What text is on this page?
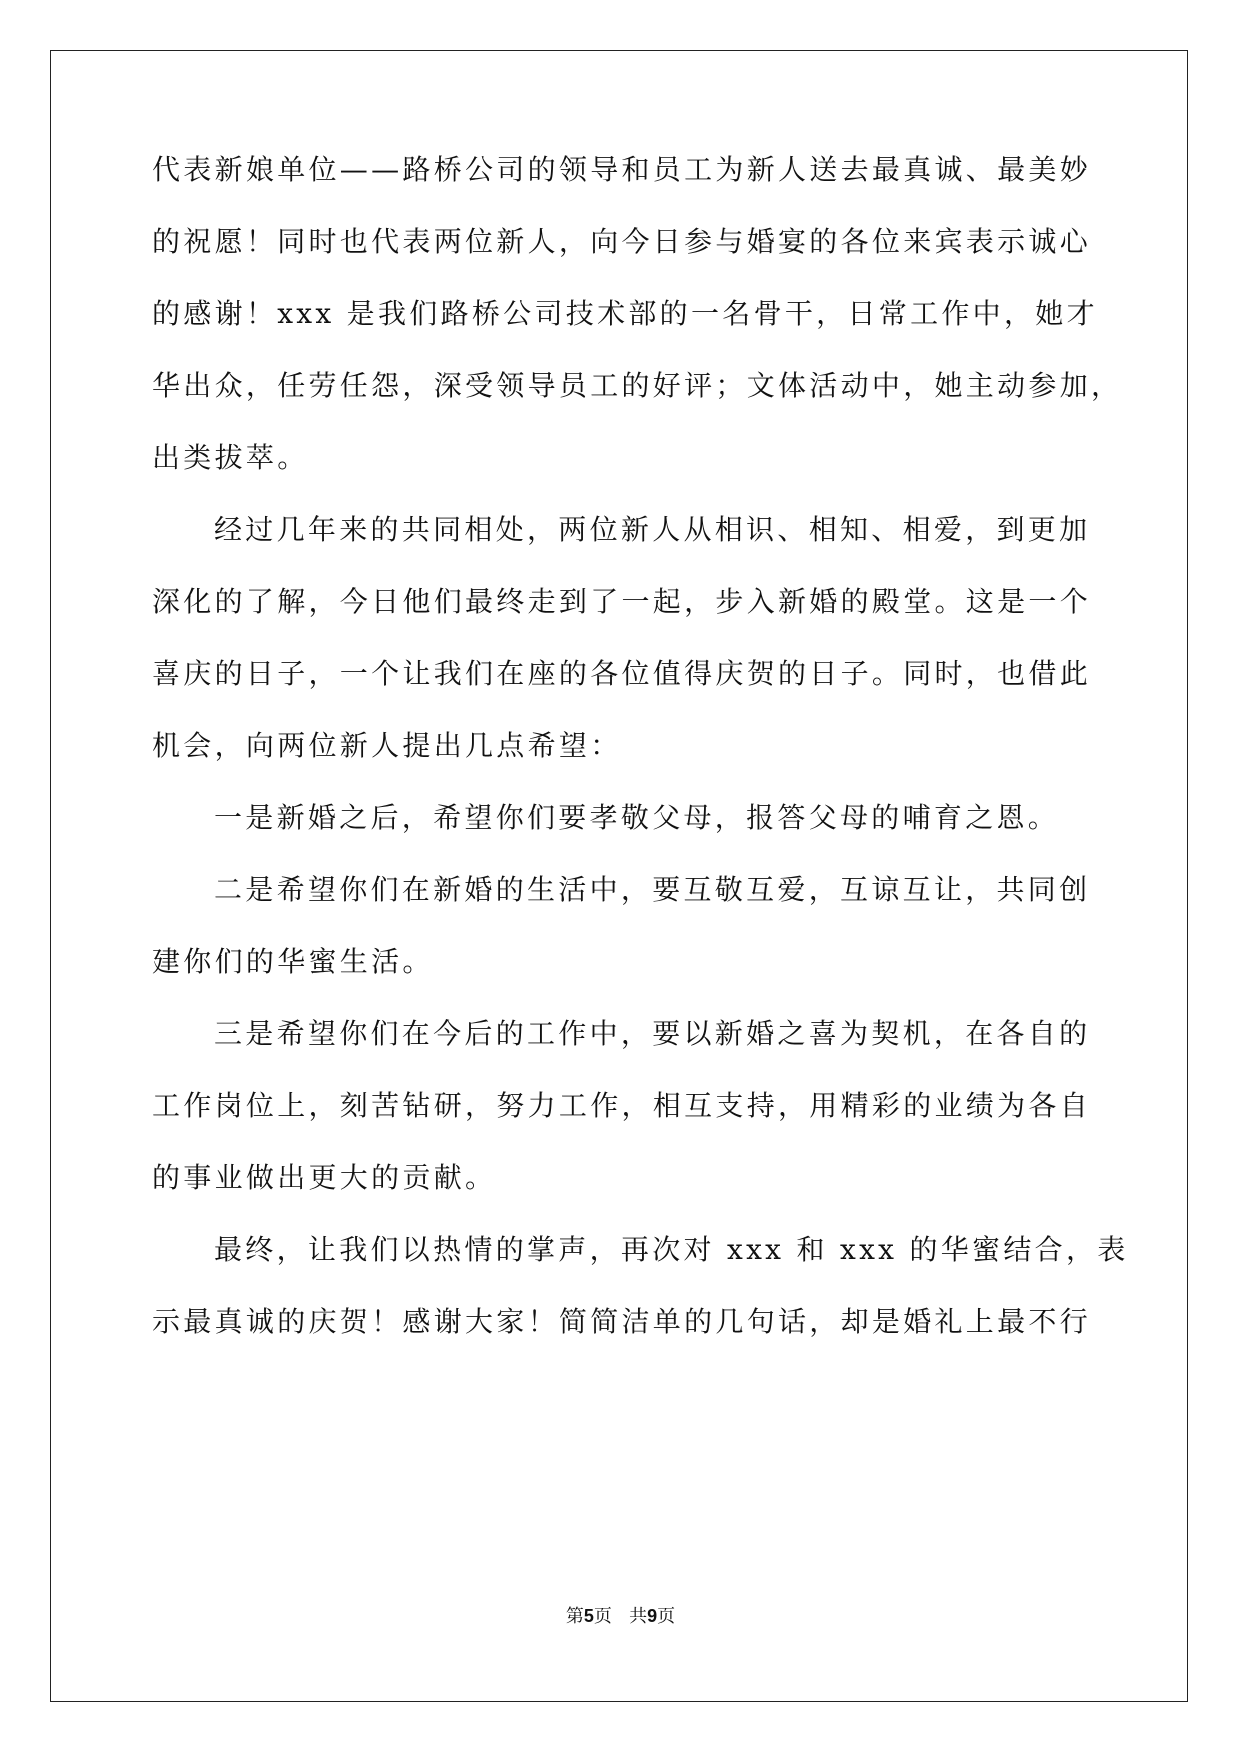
代表新娘单位——路桥公司的领导和员工为新人送去最真诚、最美妙
的祝愿！同时也代表两位新人，向今日参与婚宴的各位来宾表示诚心
的感谢！xxx 是我们路桥公司技术部的一名骨干，日常工作中，她才
华出众，任劳任怨，深受领导员工的好评；文体活动中，她主动参加，
出类拔萃。
经过几年来的共同相处，两位新人从相识、相知、相爱，到更加
深化的了解，今日他们最终走到了一起，步入新婚的殿堂。这是一个
喜庆的日子，一个让我们在座的各位值得庆贺的日子。同时，也借此
机会，向两位新人提出几点希望：
一是新婚之后，希望你们要孝敬父母，报答父母的哺育之恩。
二是希望你们在新婚的生活中，要互敬互爱，互谅互让，共同创
建你们的华蜜生活。
三是希望你们在今后的工作中，要以新婚之喜为契机，在各自的
工作岗位上，刻苦钻研，努力工作，相互支持，用精彩的业绩为各自
的事业做出更大的贡献。
最终，让我们以热情的掌声，再次对 xxx 和 xxx 的华蜜结合，表
示最真诚的庆贺！感谢大家！简简洁单的几句话，却是婚礼上最不行
第5页 共9页
